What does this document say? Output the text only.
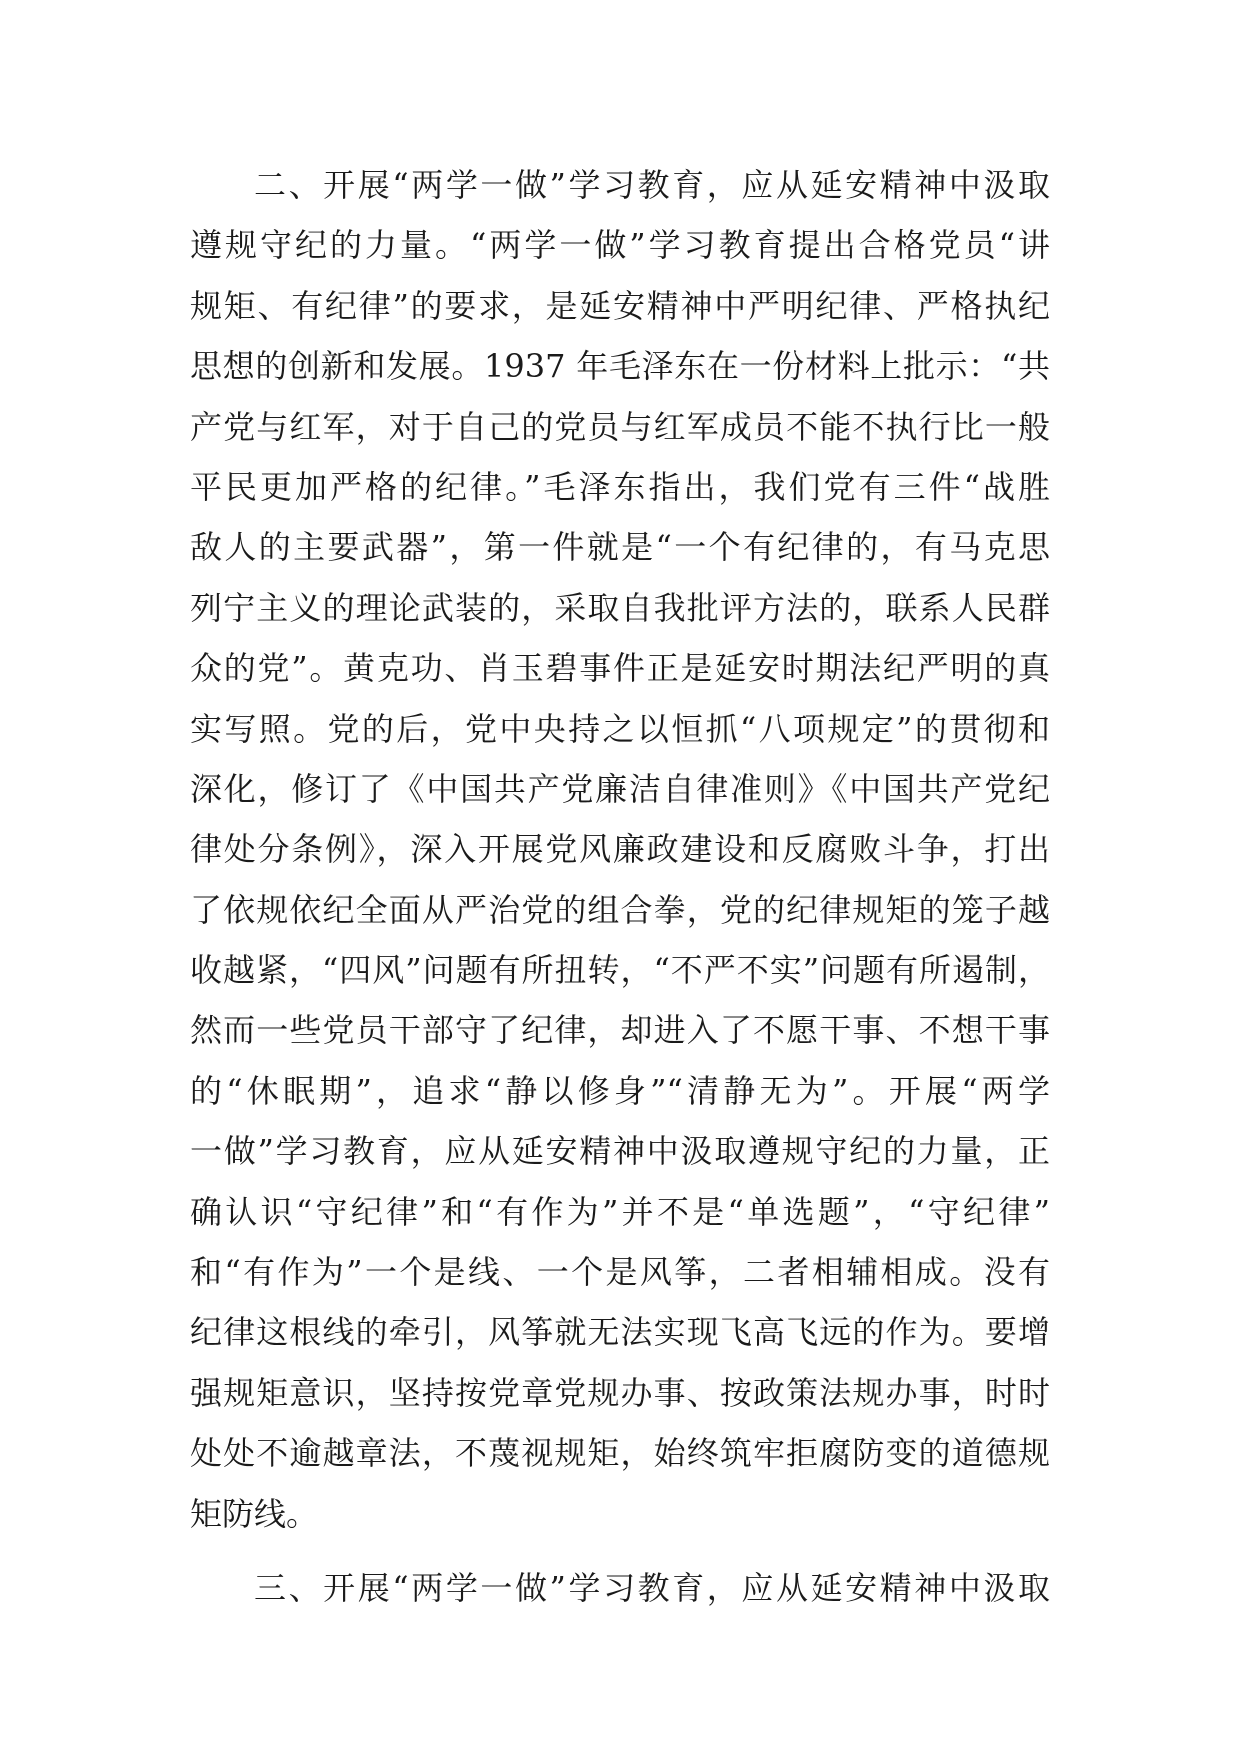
二、开展“两学一做”学习教育，应从延安精神中汲取
遵规守纪的力量。“两学一做”学习教育提出合格党员“讲
规矩、有纪律”的要求，是延安精神中严明纪律、严格执纪
思想的创新和发展。1937 年毛泽东在一份材料上批示：“共
产党与红军，对于自己的党员与红军成员不能不执行比一般
平民更加严格的纪律。”毛泽东指出，我们党有三件“战胜
敌人的主要武器”，第一件就是“一个有纪律的，有马克思
列宁主义的理论武装的，采取自我批评方法的，联系人民群
众的党”。黄克功、肖玉碧事件正是延安时期法纪严明的真
实写照。党的后，党中央持之以恒抓“八项规定”的贯彻和
深化，修订了《中国共产党廉洁自律准则》《中国共产党纪
律处分条例》，深入开展党风廉政建设和反腐败斗争，打出
了依规依纪全面从严治党的组合拳，党的纪律规矩的笼子越
收越紧，“四风”问题有所扭转，“不严不实”问题有所遏制，
然而一些党员干部守了纪律，却进入了不愿干事、不想干事
的“休眠期”，追求“静以修身”“清静无为”。开展“两学
一做”学习教育，应从延安精神中汲取遵规守纪的力量，正
确认识“守纪律”和“有作为”并不是“单选题”，“守纪律”
和“有作为”一个是线、一个是风筝，二者相辅相成。没有
纪律这根线的牵引，风筝就无法实现飞高飞远的作为。要增
强规矩意识，坚持按党章党规办事、按政策法规办事，时时
处处不逾越章法，不蔑视规矩，始终筑牢拒腐防变的道德规
矩防线。
三、开展“两学一做”学习教育，应从延安精神中汲取
